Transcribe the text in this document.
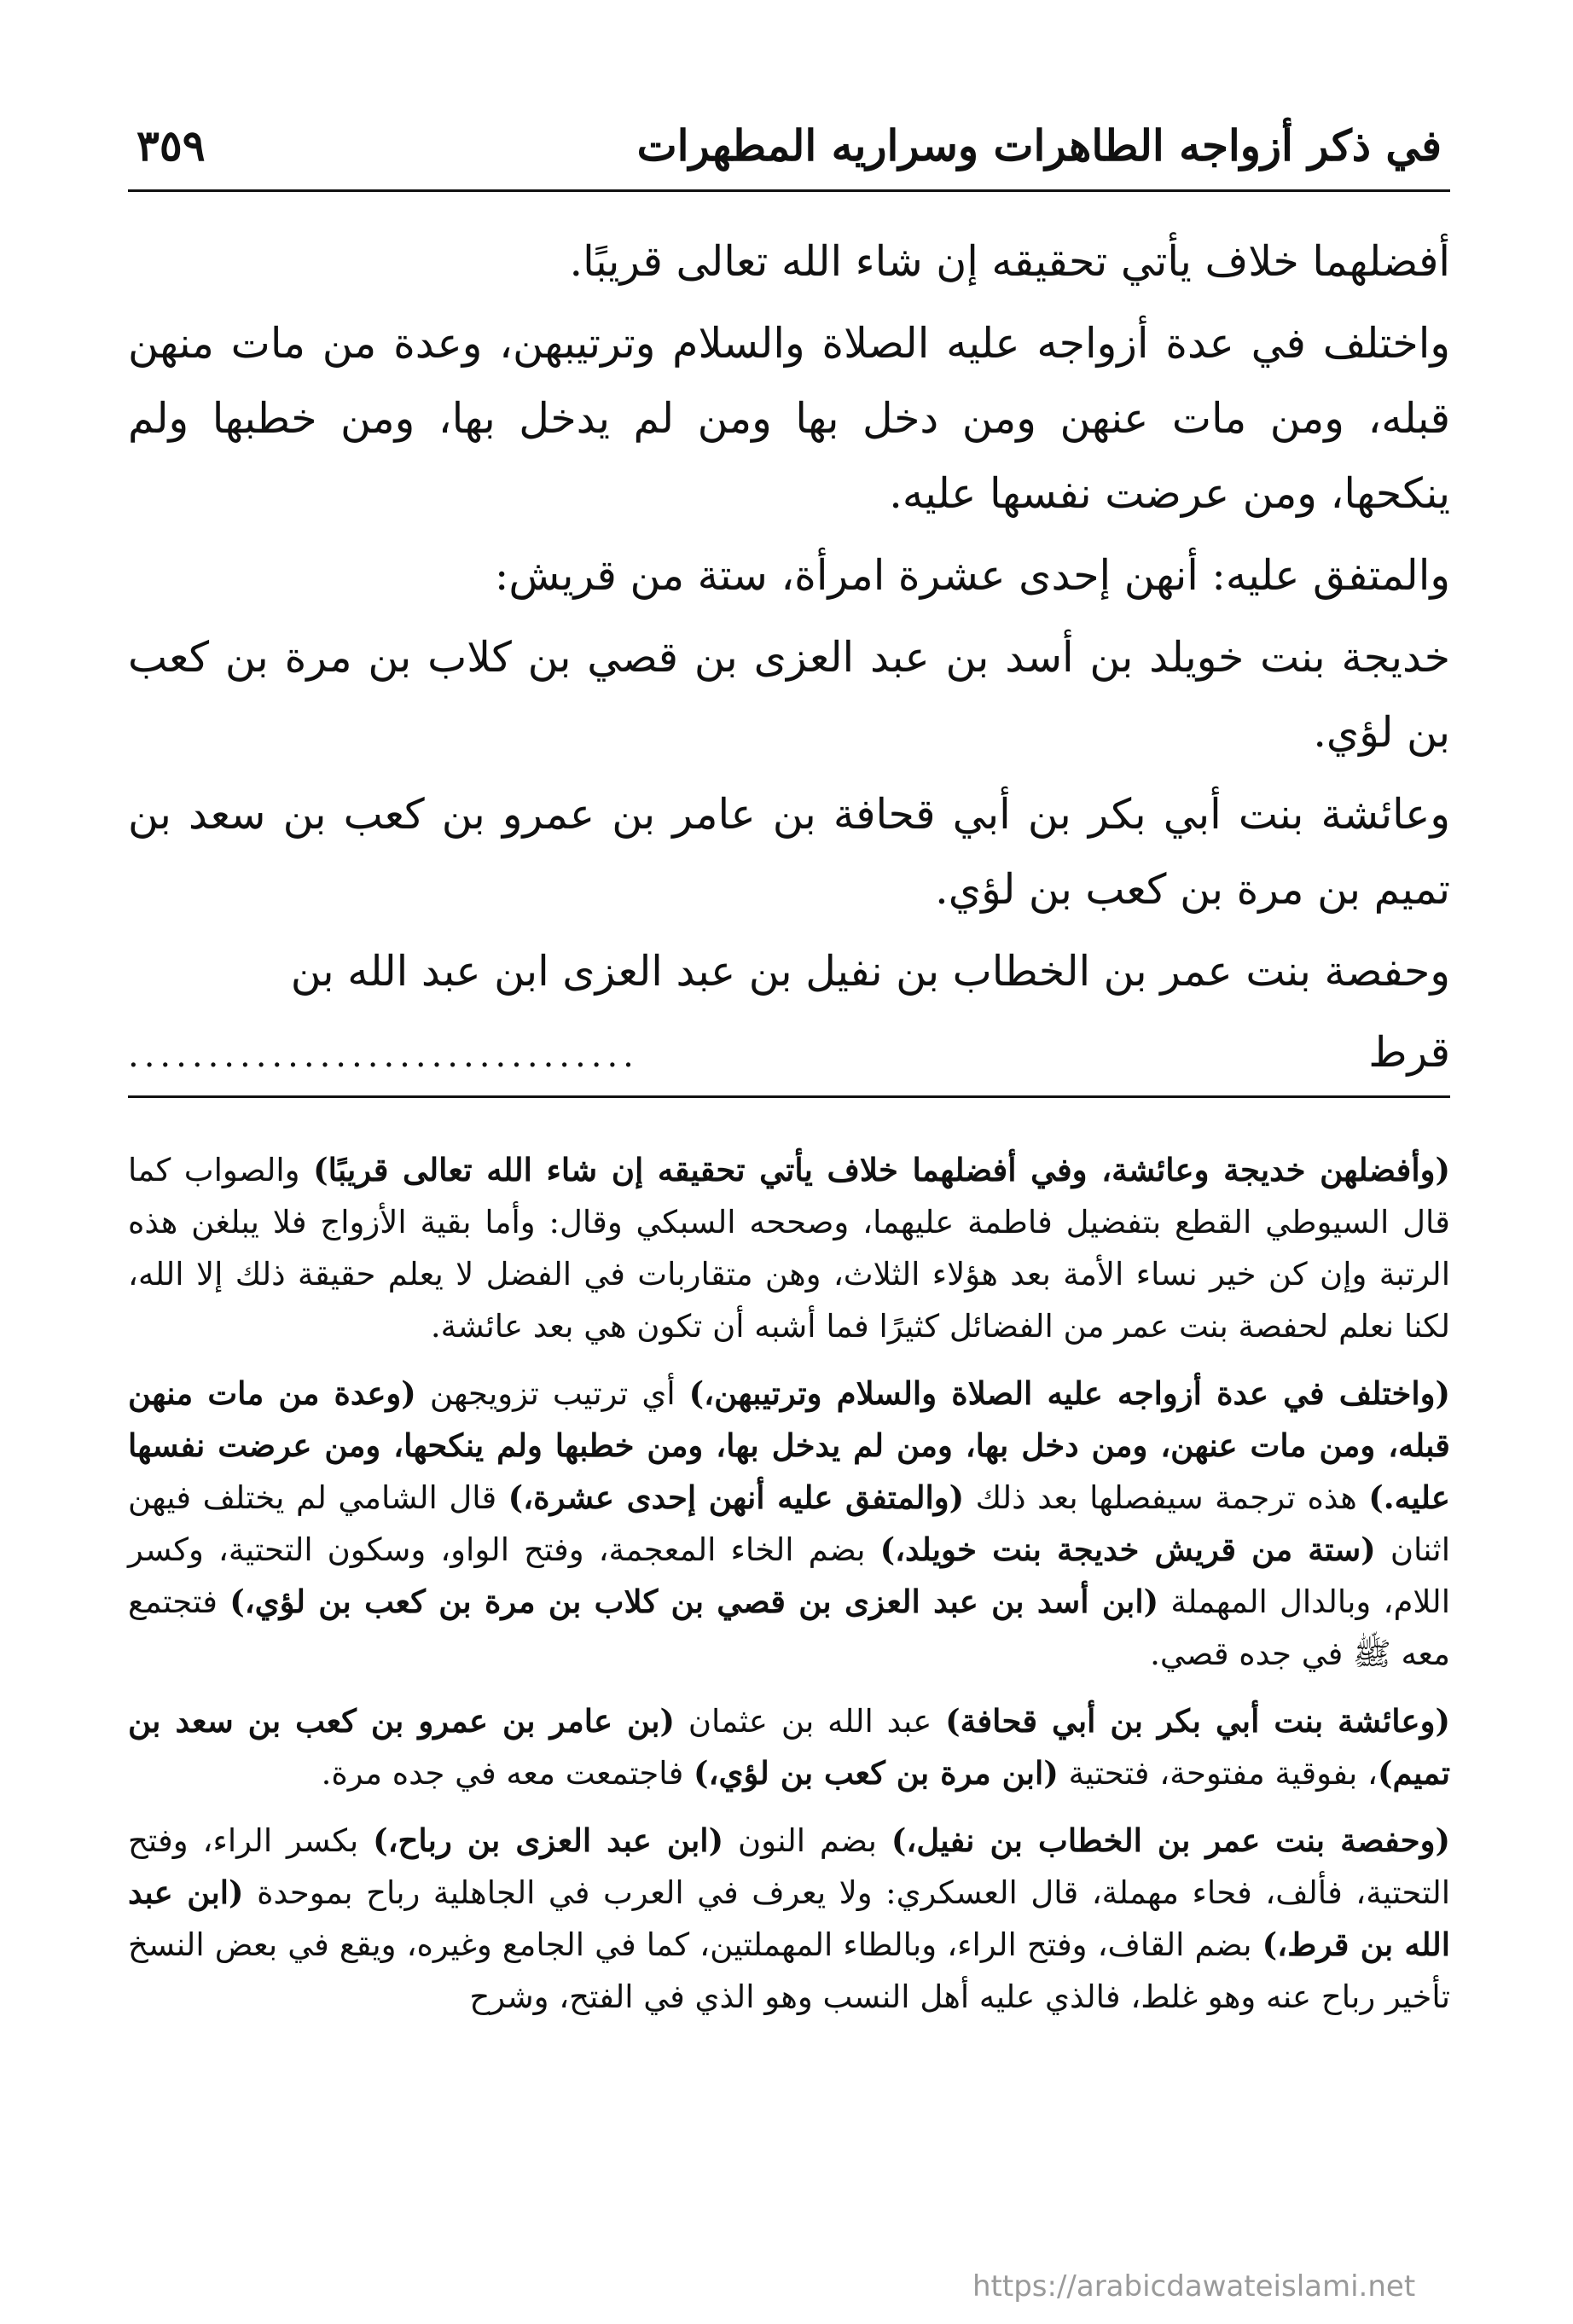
في ذكر أزواجه الطاهرات وسراريه المطهرات
٣٥٩

أفضلهما خلاف يأتي تحقيقه إن شاء الله تعالى قريبًا.

واختلف في عدة أزواجه عليه الصلاة والسلام وترتيبهن، وعدة من مات منهن قبله، ومن مات عنهن ومن دخل بها ومن لم يدخل بها، ومن خطبها ولم ينكحها، ومن عرضت نفسها عليه.

والمتفق عليه: أنهن إحدى عشرة امرأة، ستة من قريش:

خديجة بنت خويلد بن أسد بن عبد العزى بن قصي بن كلاب بن مرة بن كعب بن لؤي.

وعائشة بنت أبي بكر بن أبي قحافة بن عامر بن عمرو بن كعب بن سعد بن تميم بن مرة بن كعب بن لؤي.

وحفصة بنت عمر بن الخطاب بن نفيل بن عبد العزى ابن عبد الله بن

قرط
................................

(وأفضلهن خديجة وعائشة، وفي أفضلهما خلاف يأتي تحقيقه إن شاء الله تعالى قريبًا) والصواب كما قال السيوطي القطع بتفضيل فاطمة عليهما، وصححه السبكي وقال: وأما بقية الأزواج فلا يبلغن هذه الرتبة وإن كن خير نساء الأمة بعد هؤلاء الثلاث، وهن متقاربات في الفضل لا يعلم حقيقة ذلك إلا الله، لكنا نعلم لحفصة بنت عمر من الفضائل كثيرًا فما أشبه أن تكون هي بعد عائشة.

(واختلف في عدة أزواجه عليه الصلاة والسلام وترتيبهن،) أي ترتيب تزويجهن (وعدة من مات منهن قبله، ومن مات عنهن، ومن دخل بها، ومن لم يدخل بها، ومن خطبها ولم ينكحها، ومن عرضت نفسها عليه.) هذه ترجمة سيفصلها بعد ذلك (والمتفق عليه أنهن إحدى عشرة،) قال الشامي لم يختلف فيهن اثنان (ستة من قريش خديجة بنت خويلد،) بضم الخاء المعجمة، وفتح الواو، وسكون التحتية، وكسر اللام، وبالدال المهملة (ابن أسد بن عبد العزى بن قصي بن كلاب بن مرة بن كعب بن لؤي،) فتجتمع معه ﷺ في جده قصي.

(وعائشة بنت أبي بكر بن أبي قحافة) عبد الله بن عثمان (بن عامر بن عمرو بن كعب بن سعد بن تميم)، بفوقية مفتوحة، فتحتية (ابن مرة بن كعب بن لؤي،) فاجتمعت معه في جده مرة.

(وحفصة بنت عمر بن الخطاب بن نفيل،) بضم النون (ابن عبد العزى بن رباح،) بكسر الراء، وفتح التحتية، فألف، فحاء مهملة، قال العسكري: ولا يعرف في العرب في الجاهلية رباح بموحدة (ابن عبد الله بن قرط،) بضم القاف، وفتح الراء، وبالطاء المهملتين، كما في الجامع وغيره، ويقع في بعض النسخ تأخير رباح عنه وهو غلط، فالذي عليه أهل النسب وهو الذي في الفتح، وشرح

https://arabicdawateislami.net
